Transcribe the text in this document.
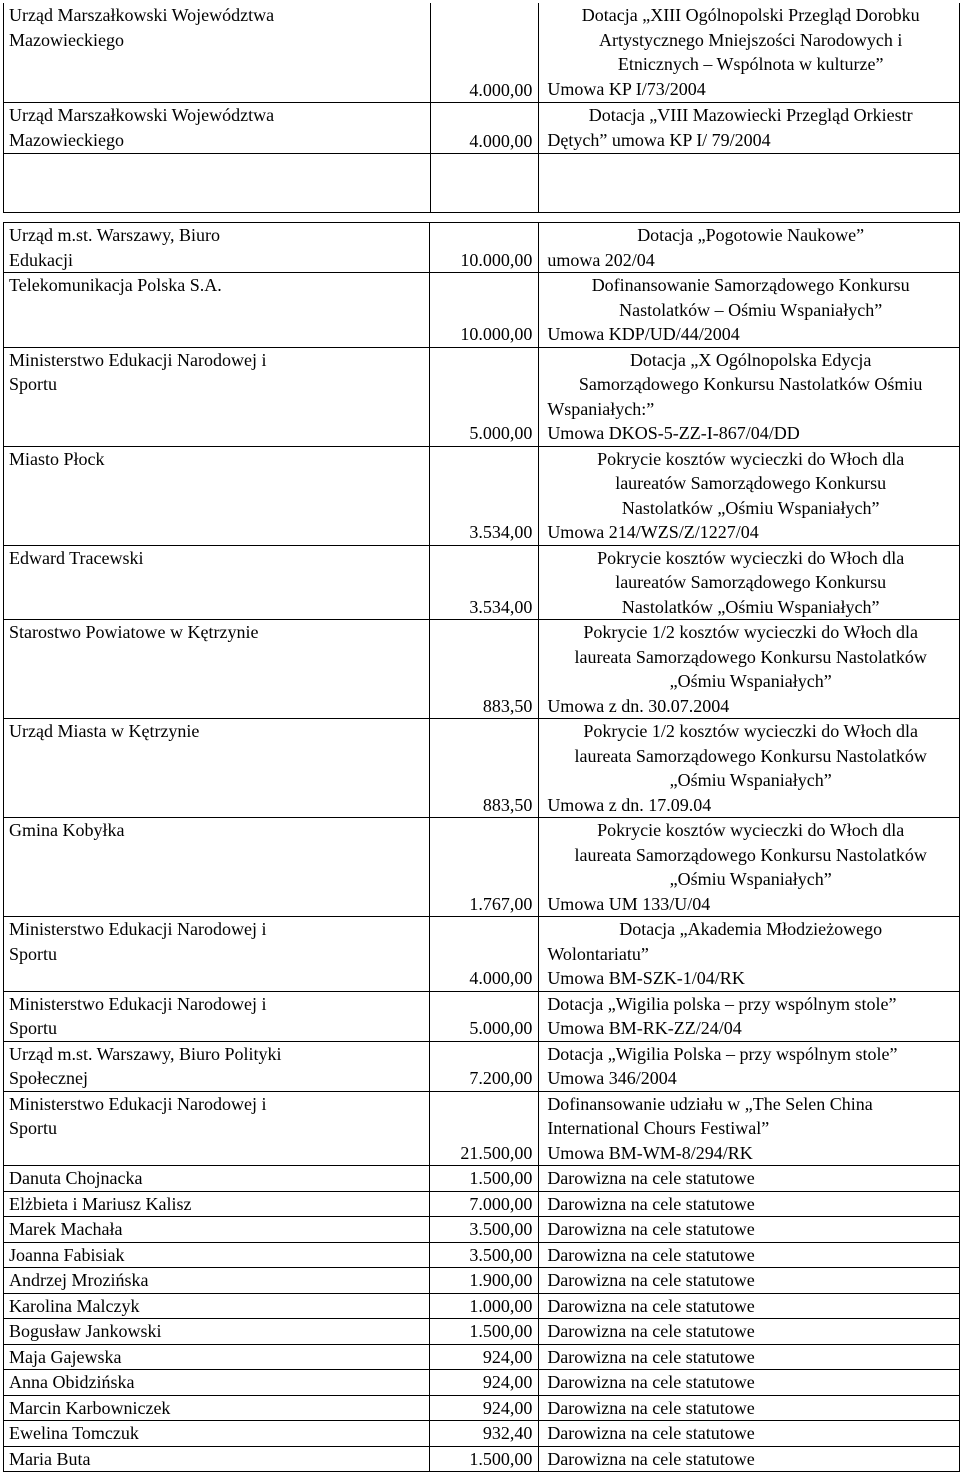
Urząd Marszałkowski Województwa
Mazowieckiego	4.000,00	Dotacja „XIII Ogólnopolski Przegląd Dorobku
Artystycznego Mniejszości Narodowych i
Etnicznych – Wspólnota w kulturze”
Umowa KP I/73/2004

Urząd Marszałkowski Województwa
Mazowieckiego	4.000,00	Dotacja „VIII Mazowiecki Przegląd Orkiestr
Dętych” umowa KP I/ 79/2004

Urząd m.st. Warszawy, Biuro
Edukacji	10.000,00	Dotacja „Pogotowie Naukowe”
umowa 202/04

Telekomunikacja Polska S.A.	10.000,00	Dofinansowanie Samorządowego Konkursu
Nastolatków – Ośmiu Wspaniałych”
Umowa KDP/UD/44/2004

Ministerstwo Edukacji Narodowej i
Sportu	5.000,00	Dotacja „X Ogólnopolska Edycja
Samorządowego Konkursu Nastolatków Ośmiu
Wspaniałych:”
Umowa DKOS-5-ZZ-I-867/04/DD

Miasto Płock	3.534,00	Pokrycie kosztów wycieczki do Włoch dla
laureatów Samorządowego Konkursu
Nastolatków „Ośmiu Wspaniałych”
Umowa 214/WZS/Z/1227/04

Edward Tracewski	3.534,00	Pokrycie kosztów wycieczki do Włoch dla
laureatów Samorządowego Konkursu
Nastolatków „Ośmiu Wspaniałych”

Starostwo Powiatowe w Kętrzynie	883,50	Pokrycie 1/2 kosztów wycieczki do Włoch dla
laureata Samorządowego Konkursu Nastolatków
„Ośmiu Wspaniałych”
Umowa z dn. 30.07.2004

Urząd Miasta w Kętrzynie	883,50	Pokrycie 1/2 kosztów wycieczki do Włoch dla
laureata Samorządowego Konkursu Nastolatków
„Ośmiu Wspaniałych”
Umowa z dn. 17.09.04

Gmina Kobyłka	1.767,00	Pokrycie kosztów wycieczki do Włoch dla
laureata Samorządowego Konkursu Nastolatków
„Ośmiu Wspaniałych”
Umowa UM 133/U/04

Ministerstwo Edukacji Narodowej i
Sportu	4.000,00	Dotacja „Akademia Młodzieżowego
Wolontariatu”
Umowa BM-SZK-1/04/RK

Ministerstwo Edukacji Narodowej i
Sportu	5.000,00	Dotacja „Wigilia polska – przy wspólnym stole”
Umowa BM-RK-ZZ/24/04

Urząd m.st. Warszawy, Biuro Polityki
Społecznej	7.200,00	Dotacja „Wigilia Polska – przy wspólnym stole”
Umowa 346/2004

Ministerstwo Edukacji Narodowej i
Sportu	21.500,00	Dofinansowanie udziału w „The Selen China
International Chours Festiwal”
Umowa BM-WM-8/294/RK

Danuta Chojnacka	1.500,00	Darowizna na cele statutowe

Elżbieta i Mariusz Kalisz	7.000,00	Darowizna na cele statutowe

Marek Machała	3.500,00	Darowizna na cele statutowe

Joanna Fabisiak	3.500,00	Darowizna na cele statutowe

Andrzej Mrozińska	1.900,00	Darowizna na cele statutowe

Karolina Malczyk	1.000,00	Darowizna na cele statutowe

Bogusław Jankowski	1.500,00	Darowizna na cele statutowe

Maja Gajewska	924,00	Darowizna na cele statutowe

Anna Obidzińska	924,00	Darowizna na cele statutowe

Marcin Karbowniczek	924,00	Darowizna na cele statutowe

Ewelina Tomczuk	932,40	Darowizna na cele statutowe

Maria Buta	1.500,00	Darowizna na cele statutowe
